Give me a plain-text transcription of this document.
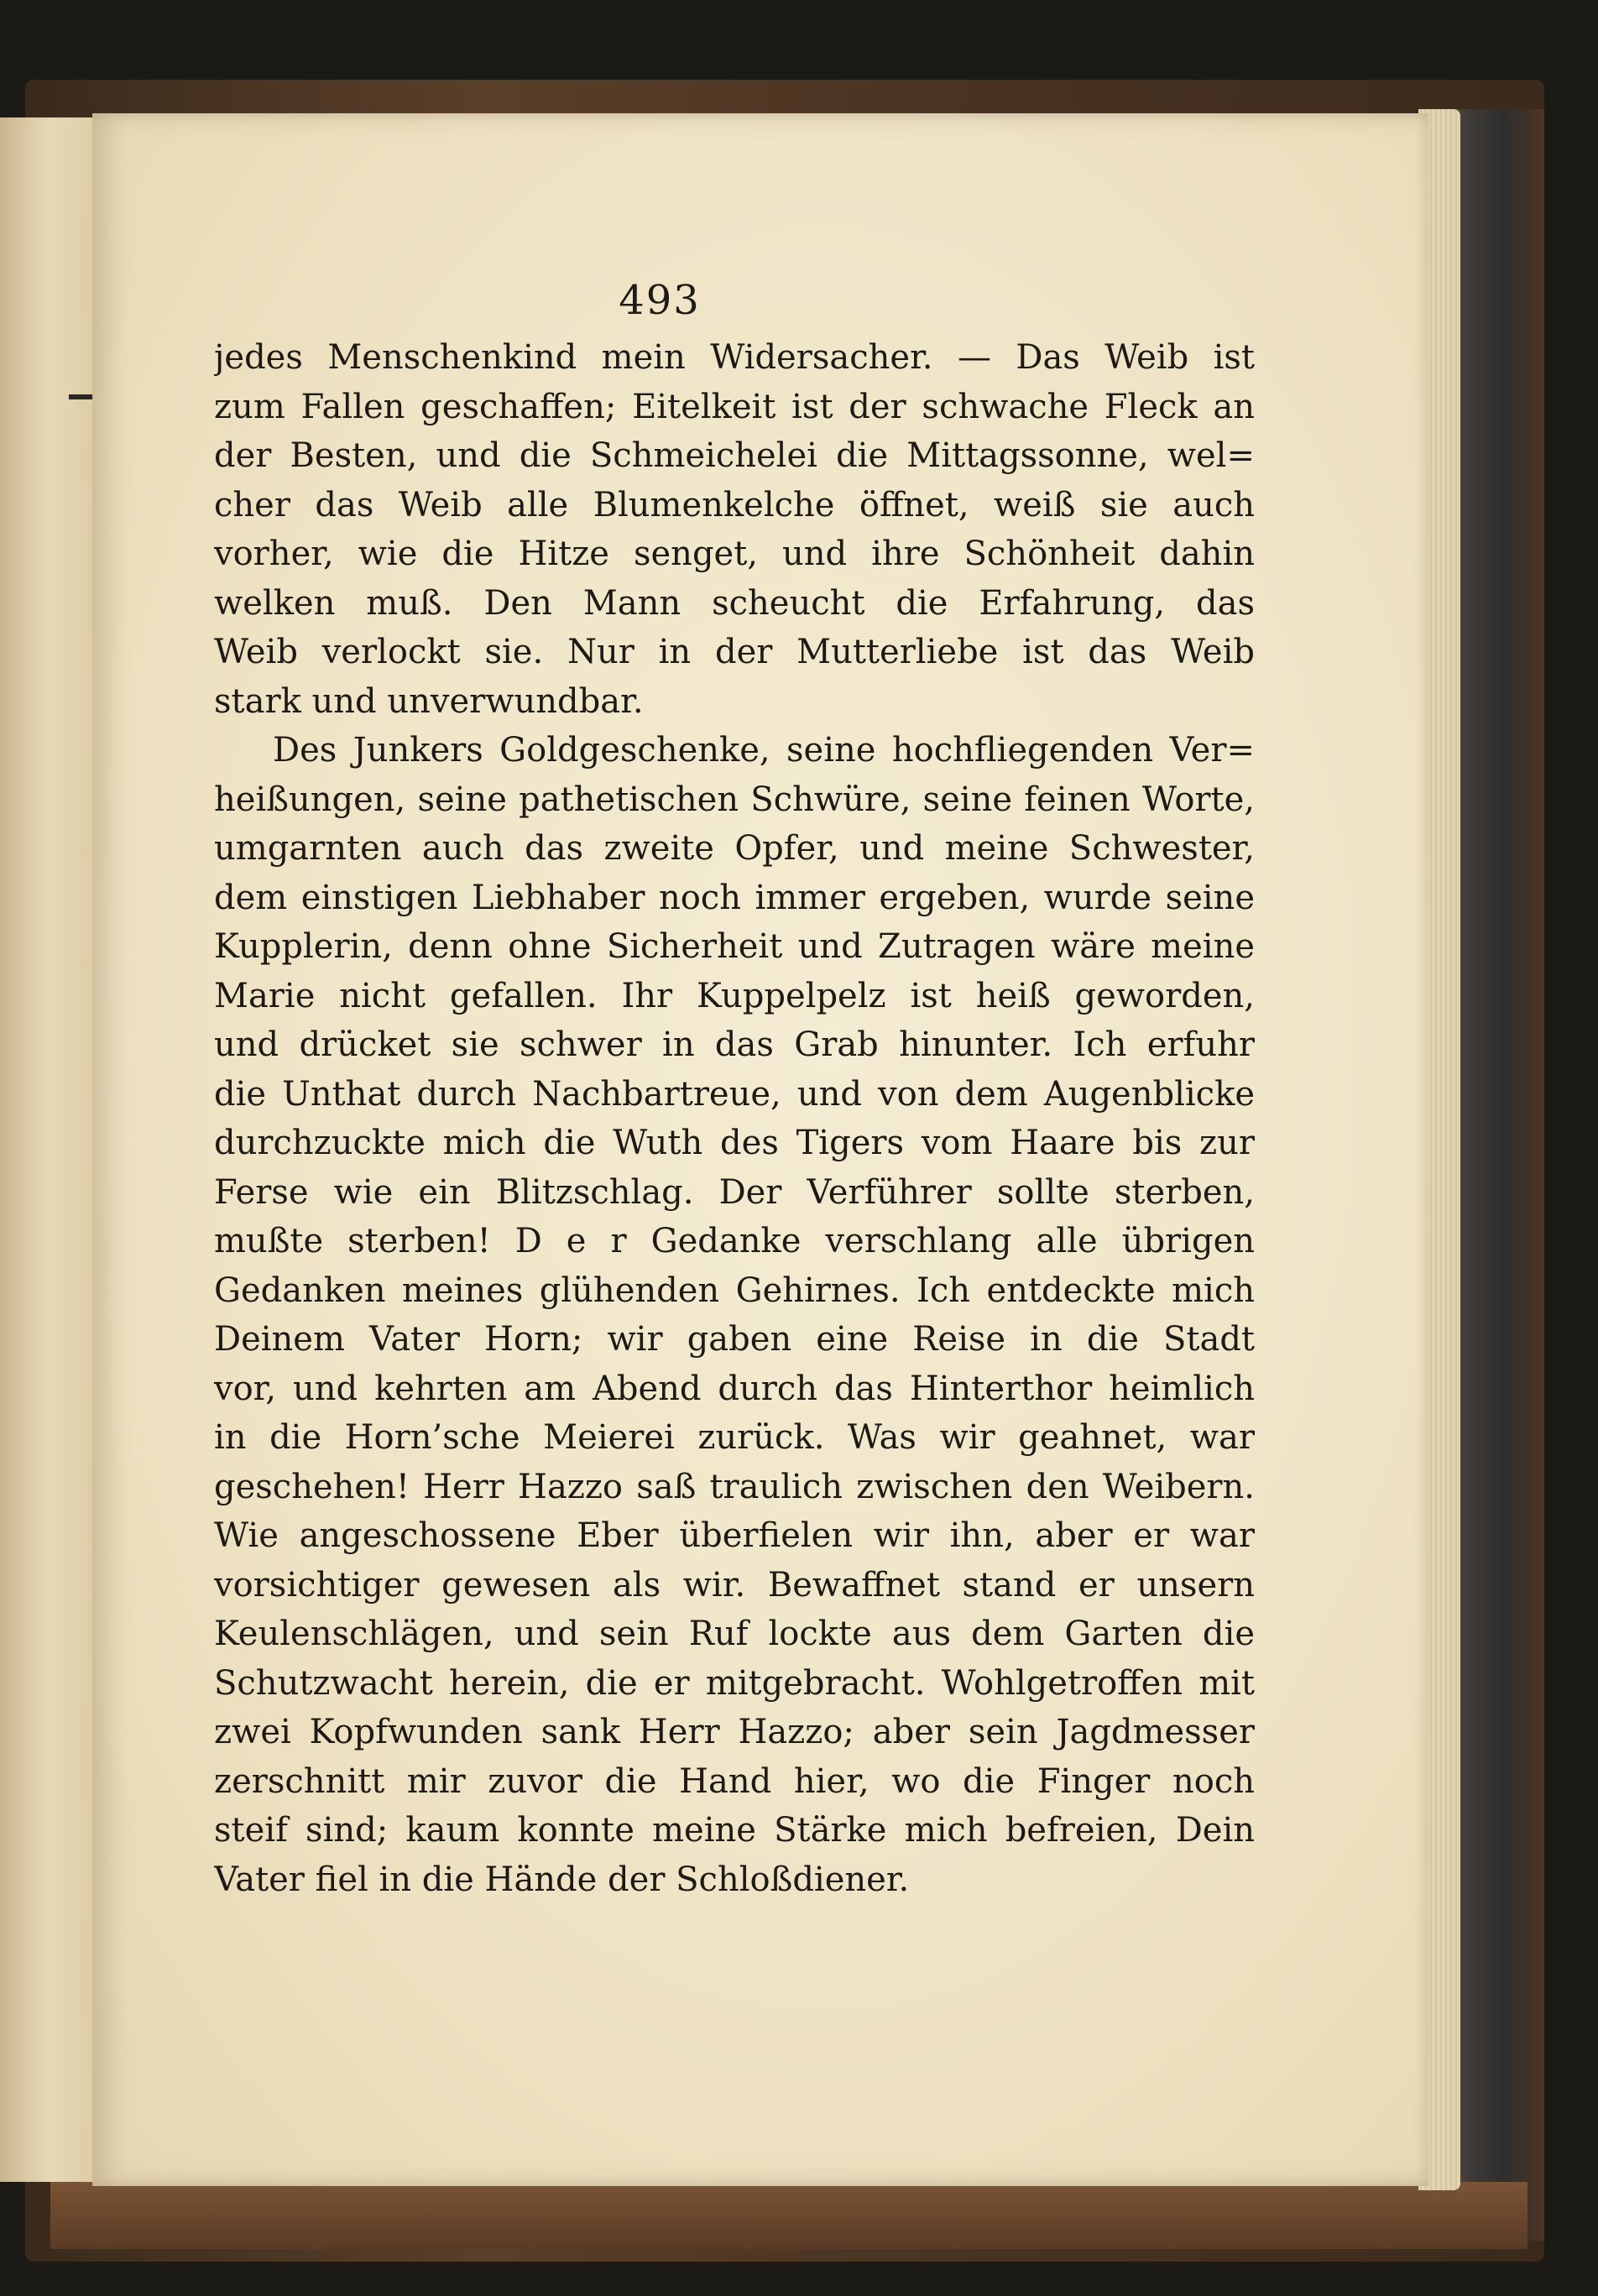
493
jedes Menschenkind mein Widersacher. — Das Weib ist
zum Fallen geschaffen; Eitelkeit ist der schwache Fleck an
der Besten, und die Schmeichelei die Mittagssonne, wel=
cher das Weib alle Blumenkelche öffnet, weiß sie auch
vorher, wie die Hitze senget, und ihre Schönheit dahin
welken muß. Den Mann scheucht die Erfahrung, das
Weib verlockt sie. Nur in der Mutterliebe ist das Weib
stark und unverwundbar.
Des Junkers Goldgeschenke, seine hochfliegenden Ver=
heißungen, seine pathetischen Schwüre, seine feinen Worte,
umgarnten auch das zweite Opfer, und meine Schwester,
dem einstigen Liebhaber noch immer ergeben, wurde seine
Kupplerin, denn ohne Sicherheit und Zutragen wäre meine
Marie nicht gefallen. Ihr Kuppelpelz ist heiß geworden,
und drücket sie schwer in das Grab hinunter. Ich erfuhr
die Unthat durch Nachbartreue, und von dem Augenblicke
durchzuckte mich die Wuth des Tigers vom Haare bis zur
Ferse wie ein Blitzschlag. Der Verführer sollte sterben,
mußte sterben! D e r Gedanke verschlang alle übrigen
Gedanken meines glühenden Gehirnes. Ich entdeckte mich
Deinem Vater Horn; wir gaben eine Reise in die Stadt
vor, und kehrten am Abend durch das Hinterthor heimlich
in die Horn’sche Meierei zurück. Was wir geahnet, war
geschehen! Herr Hazzo saß traulich zwischen den Weibern.
Wie angeschossene Eber überfielen wir ihn, aber er war
vorsichtiger gewesen als wir. Bewaffnet stand er unsern
Keulenschlägen, und sein Ruf lockte aus dem Garten die
Schutzwacht herein, die er mitgebracht. Wohlgetroffen mit
zwei Kopfwunden sank Herr Hazzo; aber sein Jagdmesser
zerschnitt mir zuvor die Hand hier, wo die Finger noch
steif sind; kaum konnte meine Stärke mich befreien, Dein
Vater fiel in die Hände der Schloßdiener.
